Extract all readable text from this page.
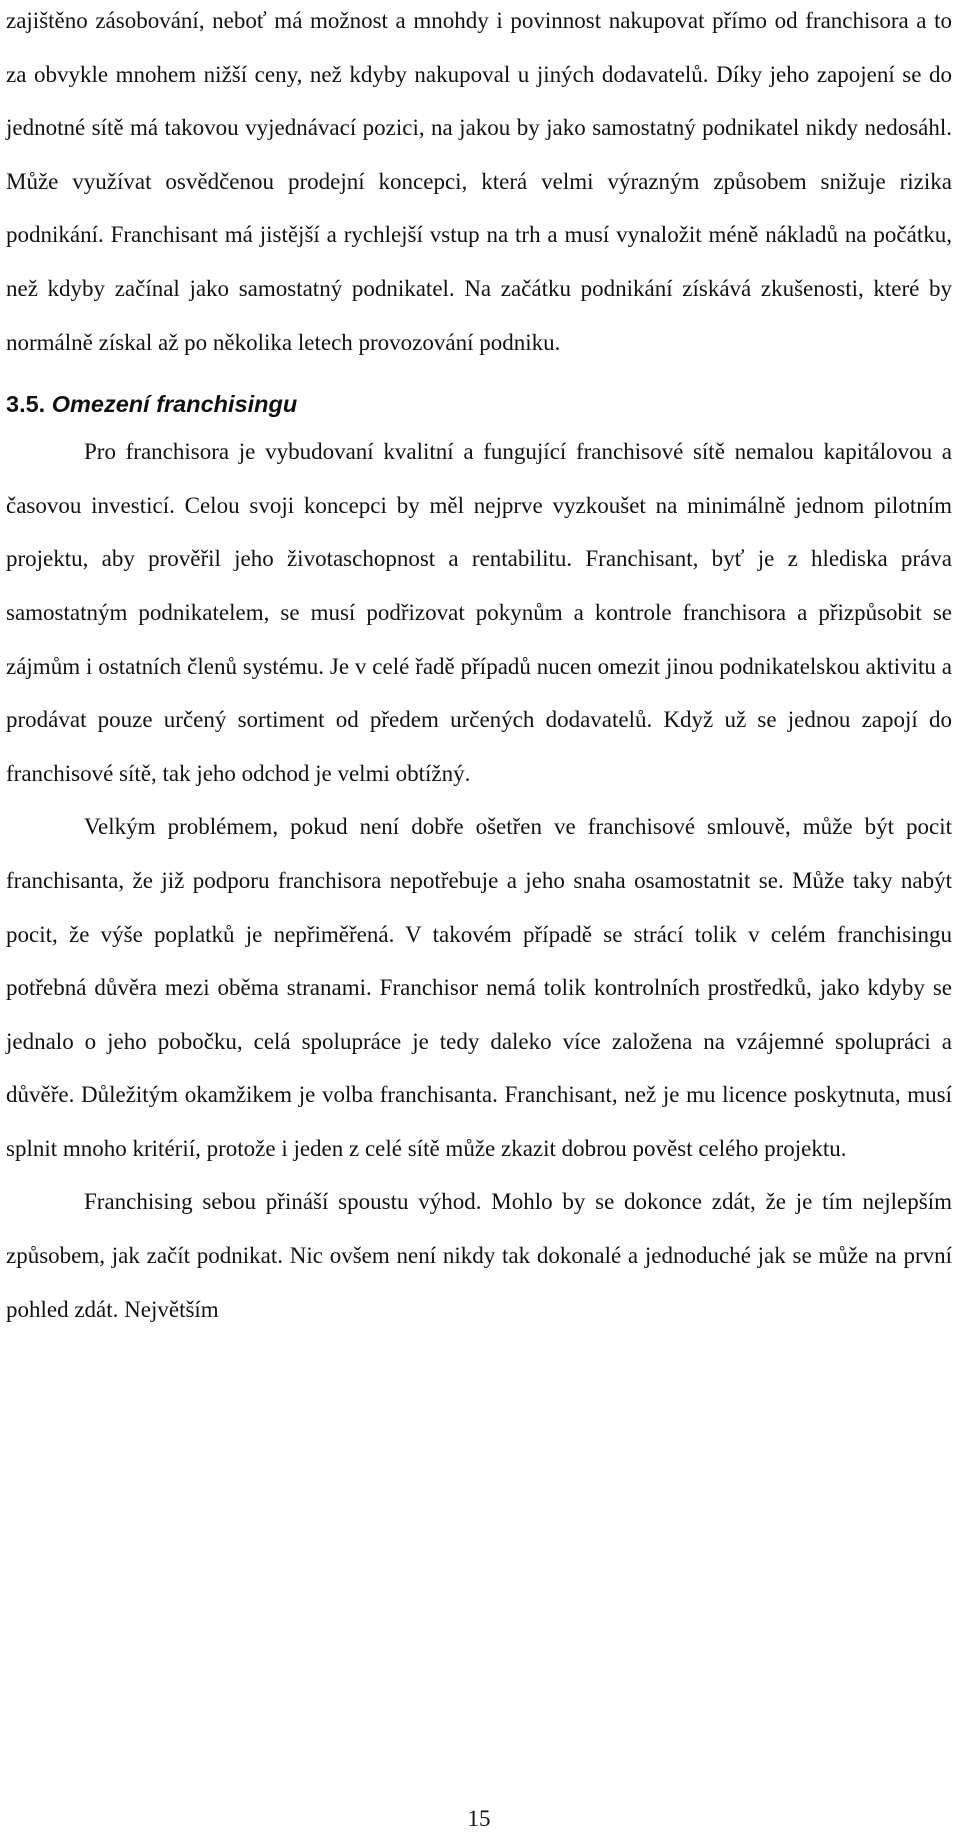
zajištěno zásobování, neboť má možnost a mnohdy i povinnost nakupovat přímo od franchisora a to za obvykle mnohem nižší ceny, než kdyby nakupoval u jiných dodavatelů. Díky jeho zapojení se do jednotné sítě má takovou vyjednávací pozici, na jakou by jako samostatný podnikatel nikdy nedosáhl. Může využívat osvědčenou prodejní koncepci, která velmi výrazným způsobem snižuje rizika podnikání. Franchisant má jistější a rychlejší vstup na trh a musí vynaložit méně nákladů na počátku, než kdyby začínal jako samostatný podnikatel. Na začátku podnikání získává zkušenosti, které by normálně získal až po několika letech provozování podniku.

3.5. Omezení franchisingu

Pro franchisora je vybudovaní kvalitní a fungující franchisové sítě nemalou kapitálovou a časovou investicí. Celou svoji koncepci by měl nejprve vyzkoušet na minimálně jednom pilotním projektu, aby prověřil jeho životaschopnost a rentabilitu. Franchisant, byť je z hlediska práva samostatným podnikatelem, se musí podřizovat pokynům a kontrole franchisora a přizpůsobit se zájmům i ostatních členů systému. Je v celé řadě případů nucen omezit jinou podnikatelskou aktivitu a prodávat pouze určený sortiment od předem určených dodavatelů. Když už se jednou zapojí do franchisové sítě, tak jeho odchod je velmi obtížný.

Velkým problémem, pokud není dobře ošetřen ve franchisové smlouvě, může být pocit franchisanta, že již podporu franchisora nepotřebuje a jeho snaha osamostatnit se. Může taky nabýt pocit, že výše poplatků je nepřiměřená. V takovém případě se strácí tolik v celém franchisingu potřebná důvěra mezi oběma stranami. Franchisor nemá tolik kontrolních prostředků, jako kdyby se jednalo o jeho pobočku, celá spolupráce je tedy daleko více založena na vzájemné spolupráci a důvěře. Důležitým okamžikem je volba franchisanta. Franchisant, než je mu licence poskytnuta, musí splnit mnoho kritérií, protože i jeden z celé sítě může zkazit dobrou pověst celého projektu.

Franchising sebou přináší spoustu výhod. Mohlo by se dokonce zdát, že je tím nejlepším způsobem, jak začít podnikat. Nic ovšem není nikdy tak dokonalé a jednoduché jak se může na první pohled zdát. Největším

15
